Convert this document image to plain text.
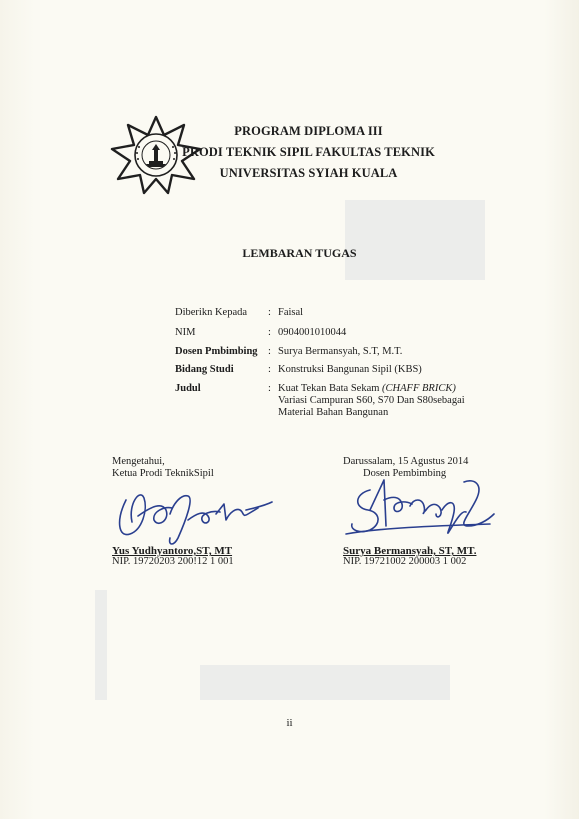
PROGRAM DIPLOMA III
PRODI TEKNIK SIPIL FAKULTAS TEKNIK
UNIVERSITAS SYIAH KUALA
LEMBARAN TUGAS
Diberikn Kepada : Faisal
NIM	: 0904001010044
Dosen Pmbimbing : Surya Bermansyah, S.T, M.T.
Bidang Studi	: Konstruksi Bangunan Sipil (KBS)
Judul	: Kuat Tekan Bata Sekam (CHAFF BRICK)
Variasi Campuran S60, S70 Dan S80sebagai
Material Bahan Bangunan
Mengetahui,
Ketua Prodi TeknikSipil
Yus Yudhyantoro,ST, MT
NIP. 19720203 200!12 1 001
Darussalam, 15 Agustus 2014
Dosen Pembimbing
Surya Bermansyah, ST, MT.
NIP. 19721002 200003 1 002
ii
